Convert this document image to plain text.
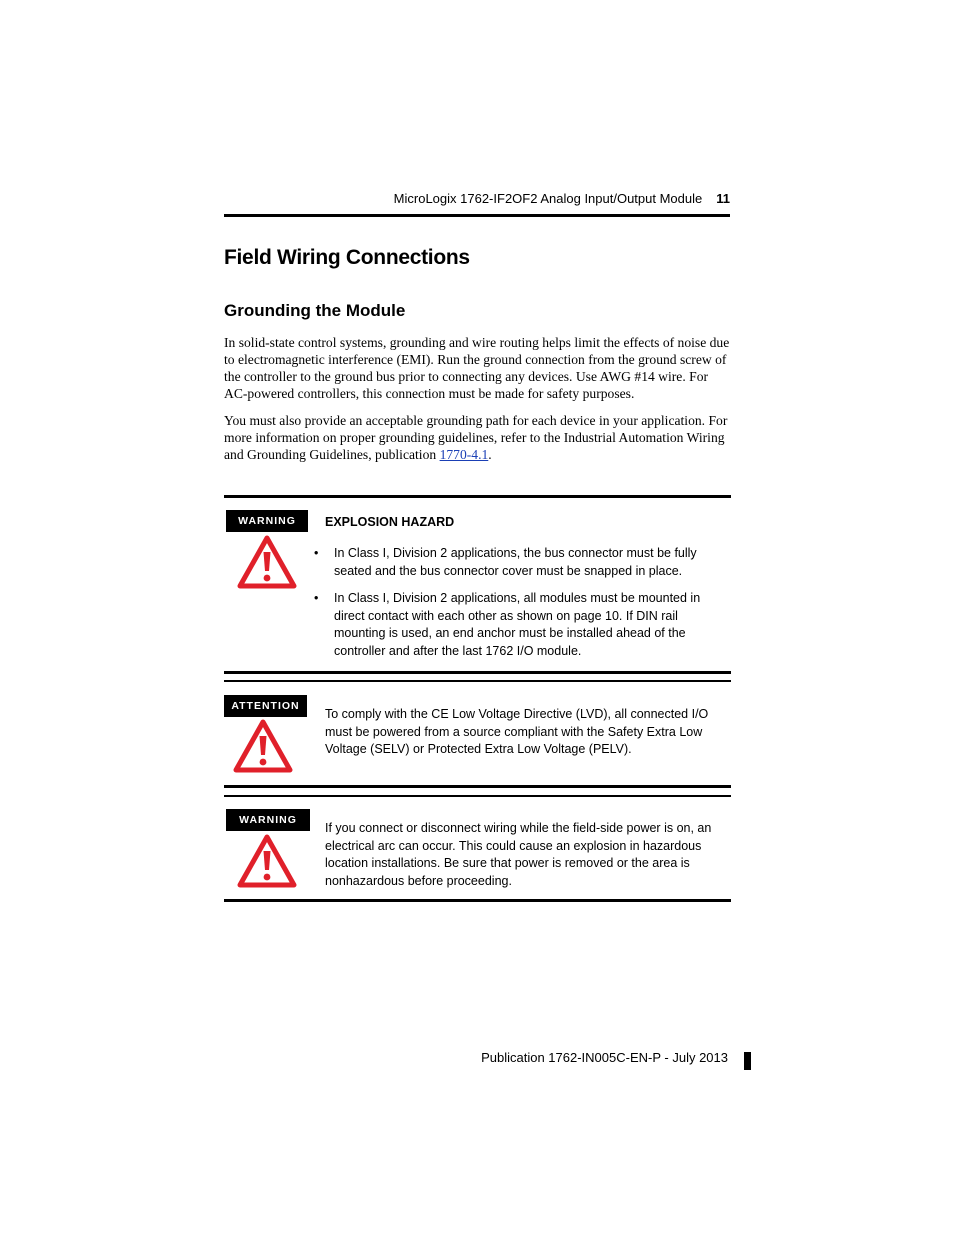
MicroLogix 1762-IF2OF2 Analog Input/Output Module 11
Field Wiring Connections
Grounding the Module

In solid-state control systems, grounding and wire routing helps limit the effects of noise due to electromagnetic interference (EMI). Run the ground connection from the ground screw of the controller to the ground bus prior to connecting any devices. Use AWG #14 wire. For AC-powered controllers, this connection must be made for safety purposes.

You must also provide an acceptable grounding path for each device in your application. For more information on proper grounding guidelines, refer to the Industrial Automation Wiring and Grounding Guidelines, publication 1770-4.1.

WARNING	EXPLOSION HAZARD
• In Class I, Division 2 applications, the bus connector must be fully seated and the bus connector cover must be snapped in place.
• In Class I, Division 2 applications, all modules must be mounted in direct contact with each other as shown on page 10. If DIN rail mounting is used, an end anchor must be installed ahead of the controller and after the last 1762 I/O module.
ATTENTION

To comply with the CE Low Voltage Directive (LVD), all connected I/O must be powered from a source compliant with the Safety Extra Low Voltage (SELV) or Protected Extra Low Voltage (PELV).

WARNING

If you connect or disconnect wiring while the field-side power is on, an electrical arc can occur. This could cause an explosion in hazardous location installations. Be sure that power is removed or the area is nonhazardous before proceeding.

Publication 1762-IN005C-EN-P - July 2013
